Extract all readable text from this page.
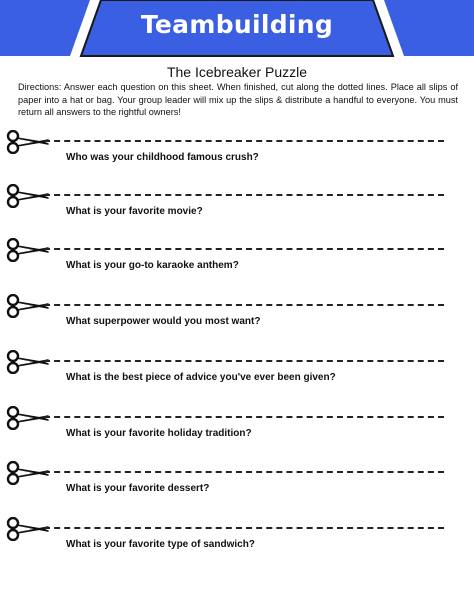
Teambuilding
The Icebreaker Puzzle
Directions: Answer each question on this sheet. When finished, cut along the dotted lines. Place all slips of paper into a hat or bag. Your group leader will mix up the slips & distribute a handful to everyone. You must return all answers to the rightful owners!
Who was your childhood famous crush?
What is your favorite movie?
What is your go-to karaoke anthem?
What superpower would you most want?
What is the best piece of advice you've ever been given?
What is your favorite holiday tradition?
What is your favorite dessert?
What is your favorite type of sandwich?
